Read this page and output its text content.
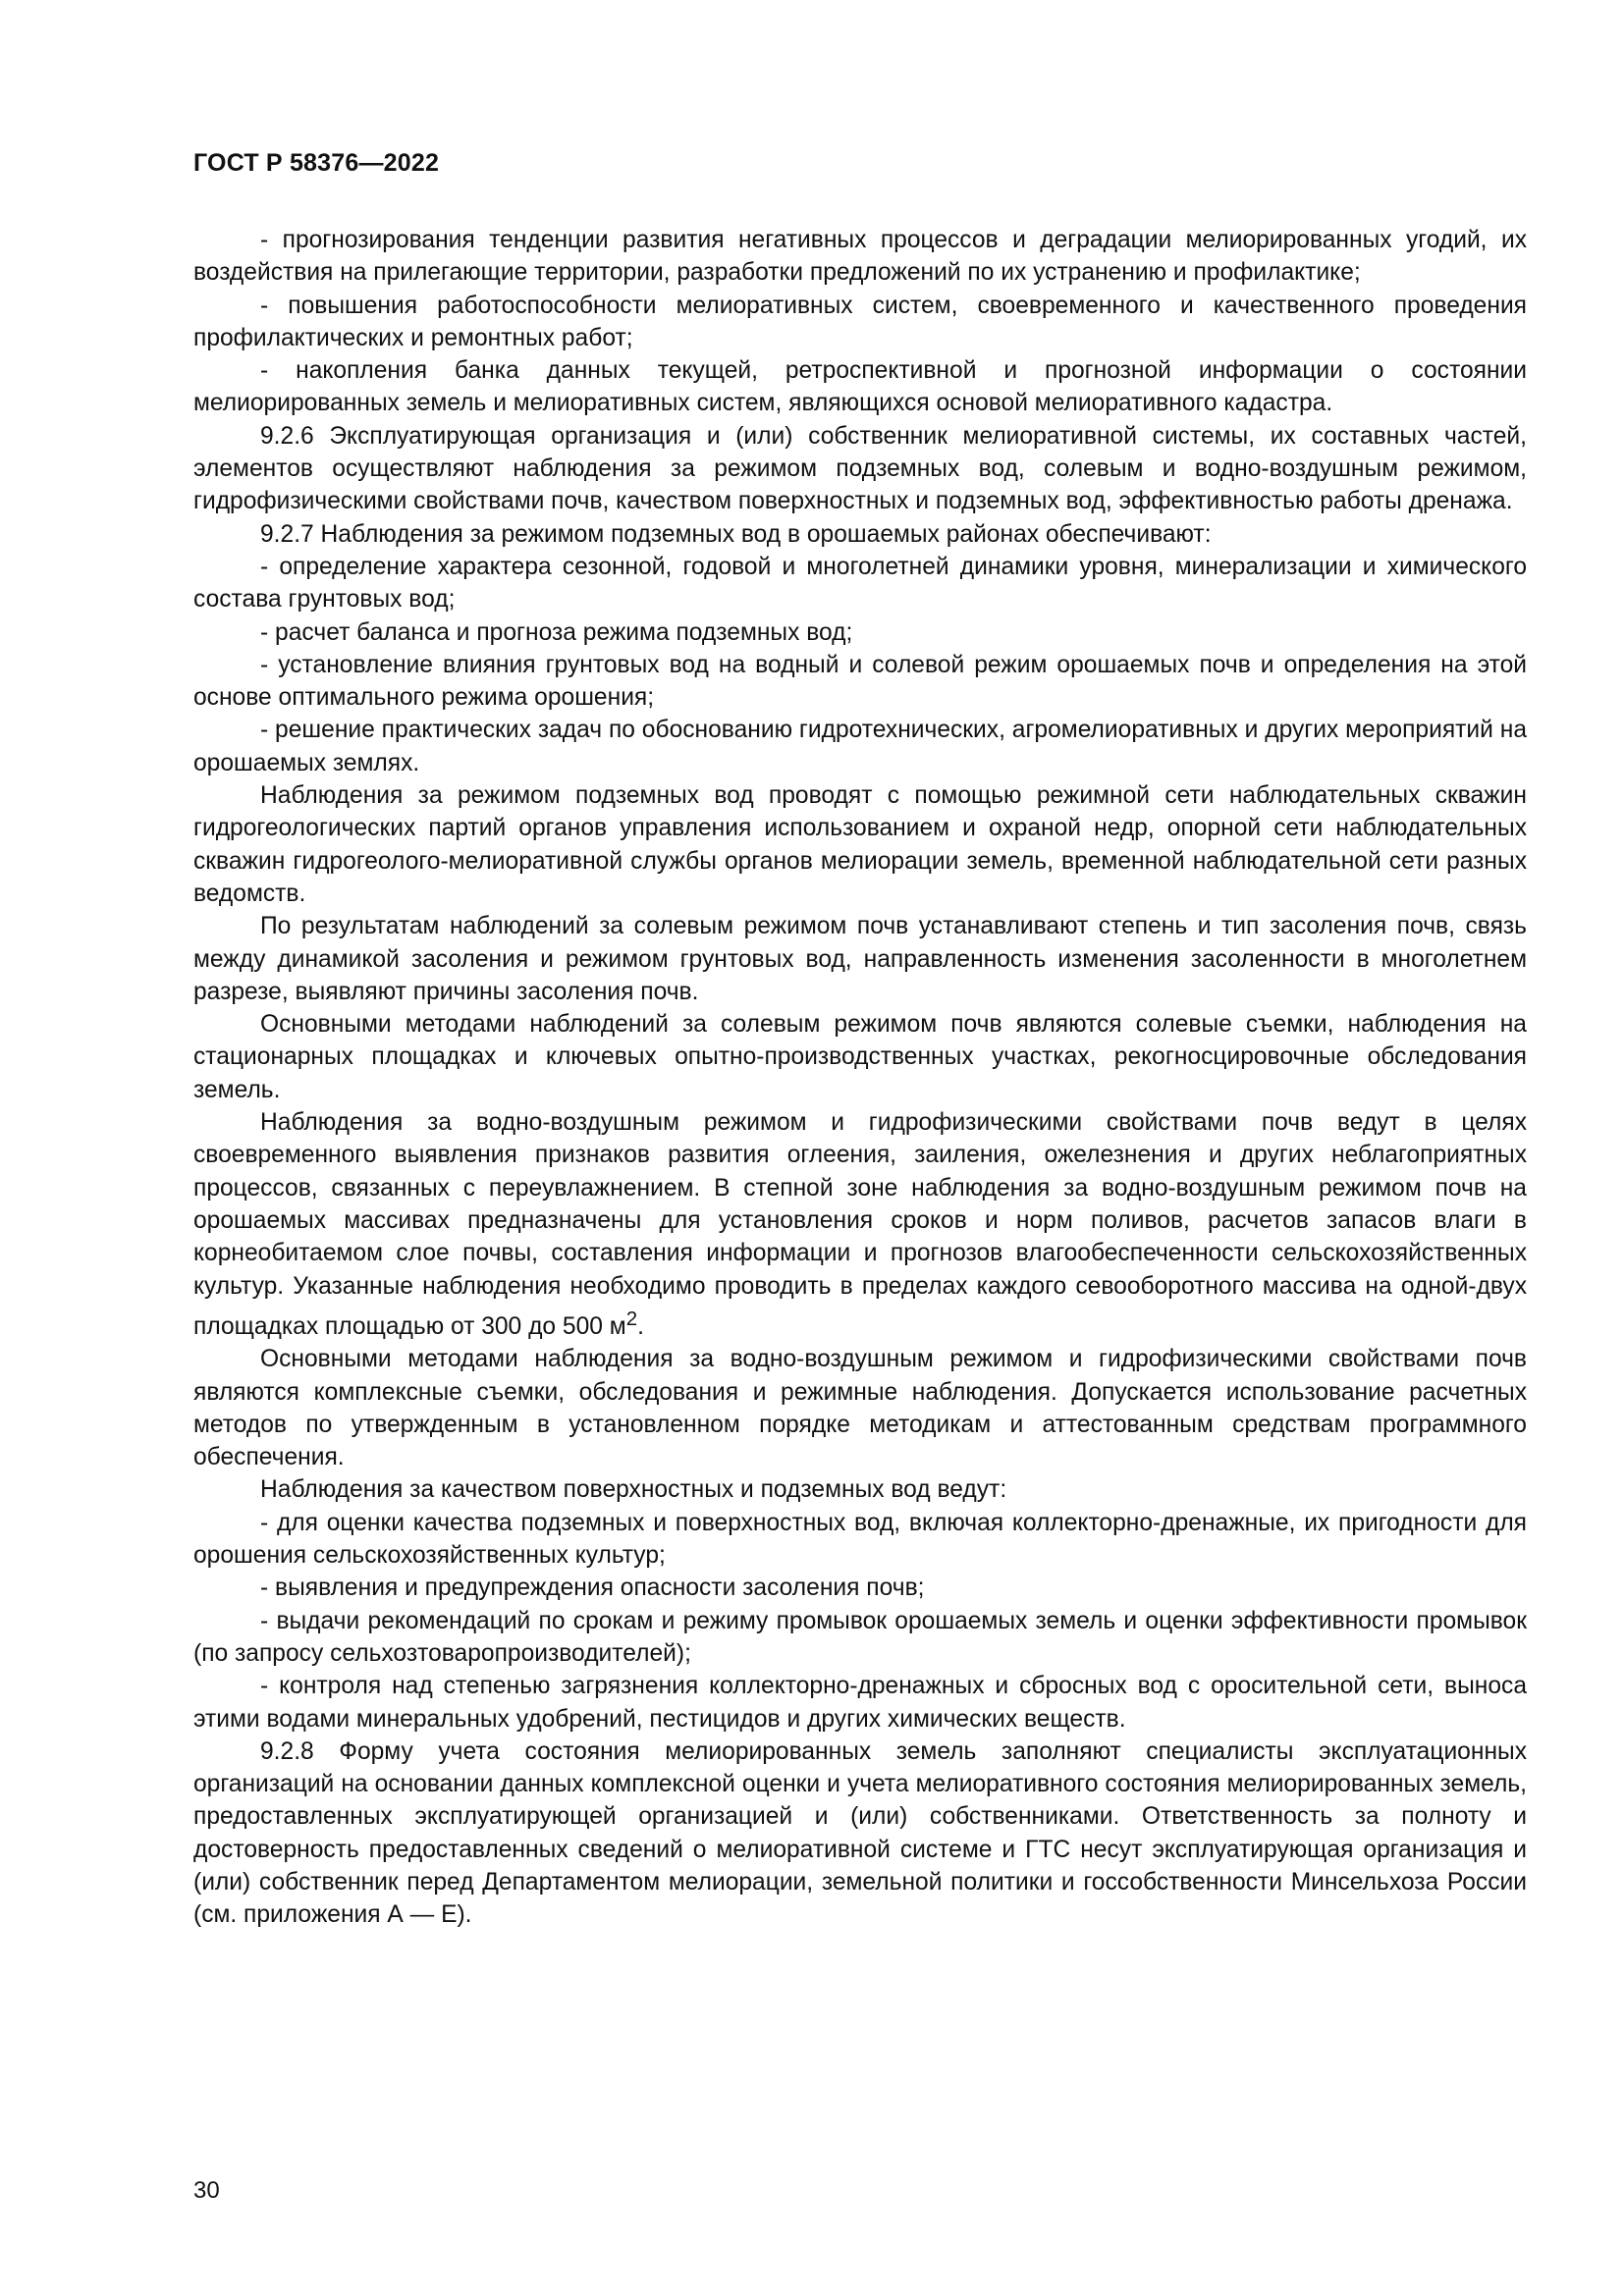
ГОСТ Р 58376—2022

- прогнозирования тенденции развития негативных процессов и деградации мелиорированных угодий, их воздействия на прилегающие территории, разработки предложений по их устранению и профилактике;

- повышения работоспособности мелиоративных систем, своевременного и качественного проведения профилактических и ремонтных работ;

- накопления банка данных текущей, ретроспективной и прогнозной информации о состоянии мелиорированных земель и мелиоративных систем, являющихся основой мелиоративного кадастра.

9.2.6 Эксплуатирующая организация и (или) собственник мелиоративной системы, их составных частей, элементов осуществляют наблюдения за режимом подземных вод, солевым и водно-воздушным режимом, гидрофизическими свойствами почв, качеством поверхностных и подземных вод, эффективностью работы дренажа.

9.2.7 Наблюдения за режимом подземных вод в орошаемых районах обеспечивают:

- определение характера сезонной, годовой и многолетней динамики уровня, минерализации и химического состава грунтовых вод;

- расчет баланса и прогноза режима подземных вод;

- установление влияния грунтовых вод на водный и солевой режим орошаемых почв и определения на этой основе оптимального режима орошения;

- решение практических задач по обоснованию гидротехнических, агромелиоративных и других мероприятий на орошаемых землях.

Наблюдения за режимом подземных вод проводят с помощью режимной сети наблюдательных скважин гидрогеологических партий органов управления использованием и охраной недр, опорной сети наблюдательных скважин гидрогеолого-мелиоративной службы органов мелиорации земель, временной наблюдательной сети разных ведомств.

По результатам наблюдений за солевым режимом почв устанавливают степень и тип засоления почв, связь между динамикой засоления и режимом грунтовых вод, направленность изменения засоленности в многолетнем разрезе, выявляют причины засоления почв.

Основными методами наблюдений за солевым режимом почв являются солевые съемки, наблюдения на стационарных площадках и ключевых опытно-производственных участках, рекогносцировочные обследования земель.

Наблюдения за водно-воздушным режимом и гидрофизическими свойствами почв ведут в целях своевременного выявления признаков развития оглеения, заиления, ожелезнения и других неблагоприятных процессов, связанных с переувлажнением. В степной зоне наблюдения за водно-воздушным режимом почв на орошаемых массивах предназначены для установления сроков и норм поливов, расчетов запасов влаги в корнеобитаемом слое почвы, составления информации и прогнозов влагообеспеченности сельскохозяйственных культур. Указанные наблюдения необходимо проводить в пределах каждого севооборотного массива на одной-двух площадках площадью от 300 до 500 $м^2$.

Основными методами наблюдения за водно-воздушным режимом и гидрофизическими свойствами почв являются комплексные съемки, обследования и режимные наблюдения. Допускается использование расчетных методов по утвержденным в установленном порядке методикам и аттестованным средствам программного обеспечения.

Наблюдения за качеством поверхностных и подземных вод ведут:

- для оценки качества подземных и поверхностных вод, включая коллекторно-дренажные, их пригодности для орошения сельскохозяйственных культур;

- выявления и предупреждения опасности засоления почв;

- выдачи рекомендаций по срокам и режиму промывок орошаемых земель и оценки эффективности промывок (по запросу сельхозтоваропроизводителей);

- контроля над степенью загрязнения коллекторно-дренажных и сбросных вод с оросительной сети, выноса этими водами минеральных удобрений, пестицидов и других химических веществ.

9.2.8 Форму учета состояния мелиорированных земель заполняют специалисты эксплуатационных организаций на основании данных комплексной оценки и учета мелиоративного состояния мелиорированных земель, предоставленных эксплуатирующей организацией и (или) собственниками. Ответственность за полноту и достоверность предоставленных сведений о мелиоративной системе и ГТС несут эксплуатирующая организация и (или) собственник перед Департаментом мелиорации, земельной политики и госсобственности Минсельхоза России (см. приложения А — Е).

30
